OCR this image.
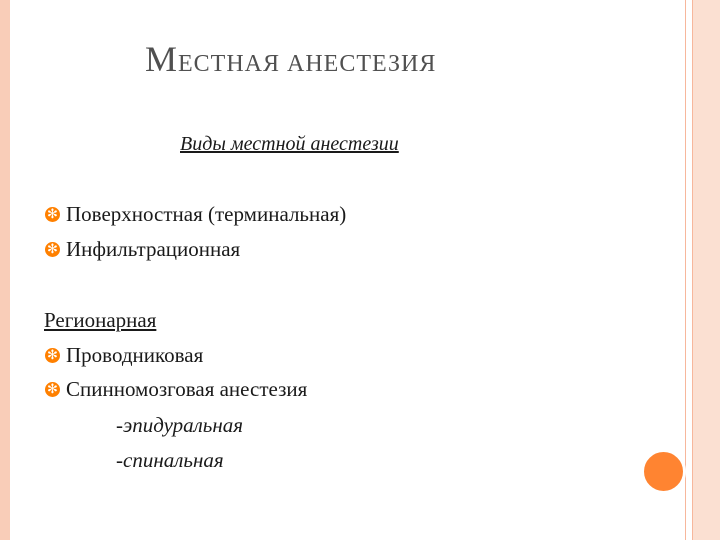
МЕСТНАЯ АНЕСТЕЗИЯ
Виды местной анестезии
✻ Поверхностная (терминальная)
✻ Инфильтрационная
Регионарная
✻ Проводниковая
✻ Спинномозговая анестезия
-эпидуральная
-спинальная
